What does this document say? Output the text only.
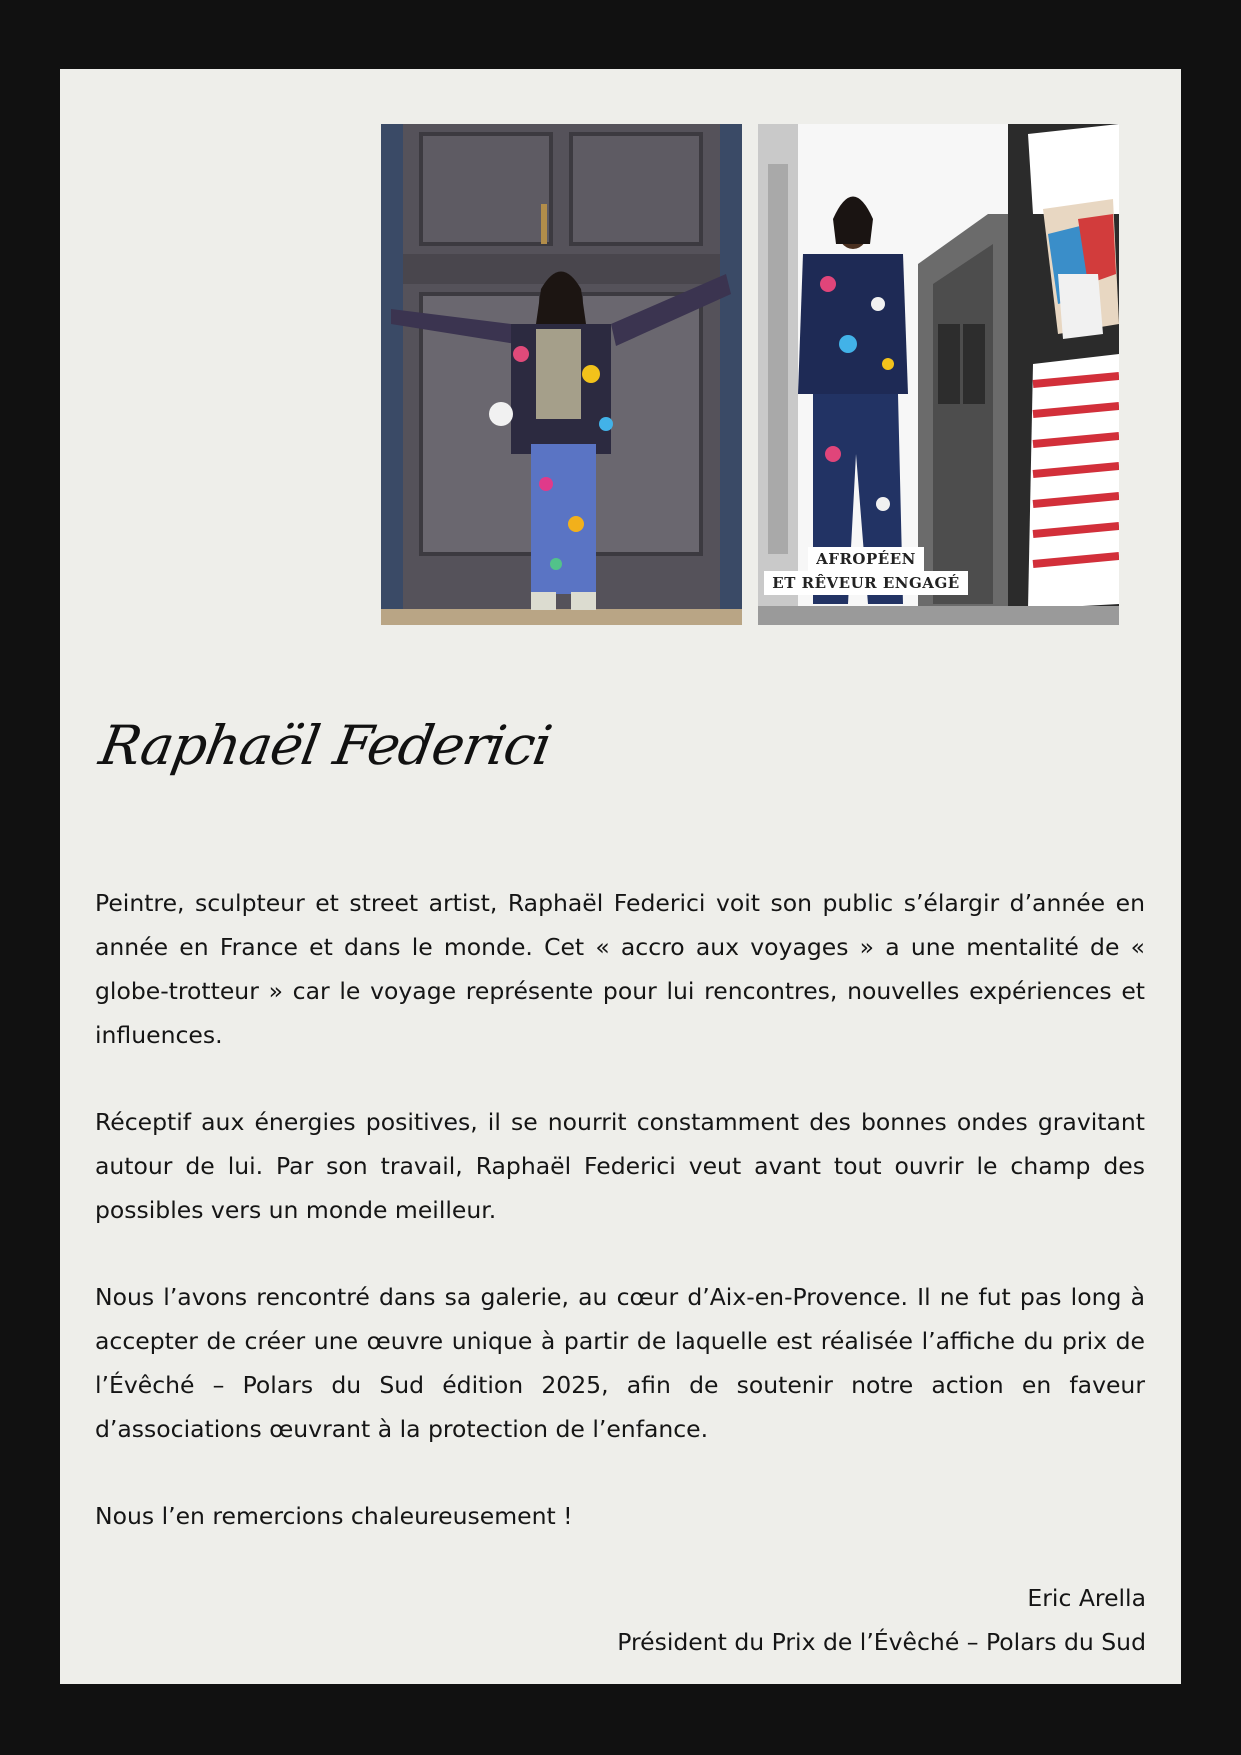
AFROPÉEN
ET RÊVEUR ENGAGÉ
Raphaël Federici

Peintre, sculpteur et street artist, Raphaël Federici voit son public s’élargir d’année en année en France et dans le monde. Cet « accro aux voyages » a une mentalité de « globe-trotteur » car le voyage représente pour lui rencontres, nouvelles expériences et influences.

Réceptif aux énergies positives, il se nourrit constamment des bonnes ondes gravitant autour de lui. Par son travail, Raphaël Federici veut avant tout ouvrir le champ des possibles vers un monde meilleur.

Nous l’avons rencontré dans sa galerie, au cœur d’Aix-en-Provence. Il ne fut pas long à accepter de créer une œuvre unique à partir de laquelle est réalisée l’affiche du prix de l’Évêché – Polars du Sud édition 2025, afin de soutenir notre action en faveur d’associations œuvrant à la protection de l’enfance.

Nous l’en remercions chaleureusement !

Eric Arella
Président du Prix de l’Évêché – Polars du Sud
